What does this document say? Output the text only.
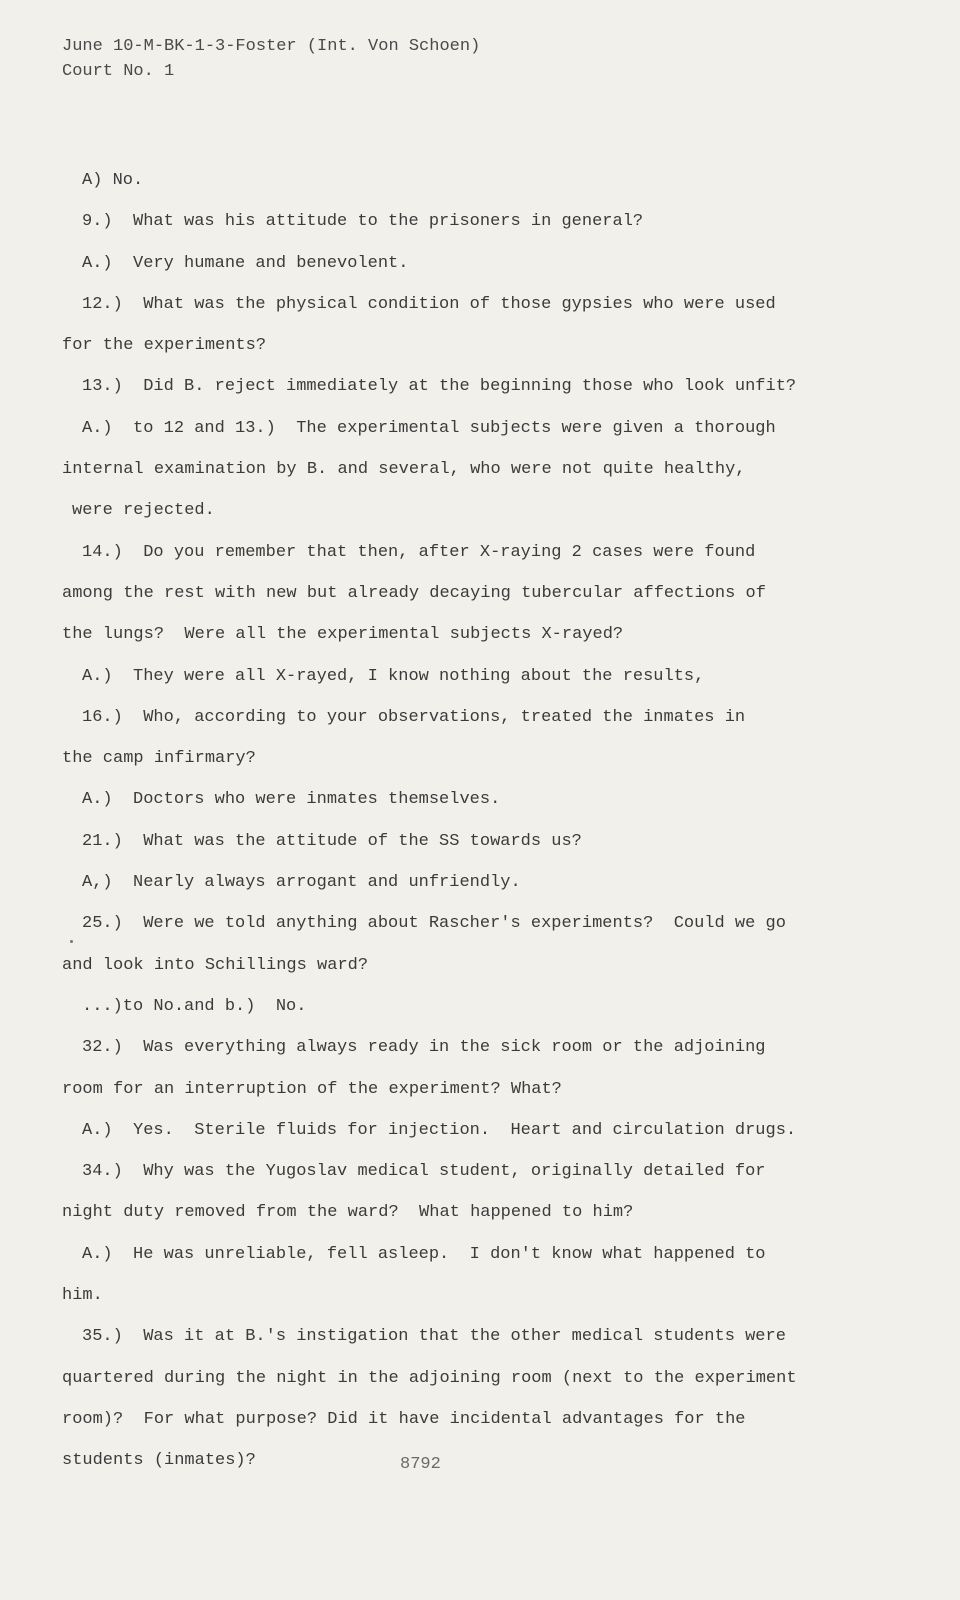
June 10-M-BK-1-3-Foster (Int. Von Schoen)
Court No. 1
A) No.
9.)  What was his attitude to the prisoners in general?
A.)  Very humane and benevolent.
12.)  What was the physical condition of those gypsies who were used
for the experiments?
13.)  Did B. reject immediately at the beginning those who look unfit?
A.)  to 12 and 13.)  The experimental subjects were given a thorough
internal examination by B. and several, who were not quite healthy,
were rejected.
14.)  Do you remember that then, after X-raying 2 cases were found
among the rest with new but already decaying tubercular affections of
the lungs?  Were all the experimental subjects X-rayed?
A.)  They were all X-rayed, I know nothing about the results,
16.)  Who, according to your observations, treated the inmates in
the camp infirmary?
A.)  Doctors who were inmates themselves.
21.)  What was the attitude of the SS towards us?
A,)  Nearly always arrogant and unfriendly.
25.)  Were we told anything about Rascher's experiments?  Could we go
and look into Schillings ward?
...)to No.and b.)  No.
32.)  Was everything always ready in the sick room or the adjoining
room for an interruption of the experiment? What?
A.)  Yes.  Sterile fluids for injection.  Heart and circulation drugs.
34.)  Why was the Yugoslav medical student, originally detailed for
night duty removed from the ward?  What happened to him?
A.)  He was unreliable, fell asleep.  I don't know what happened to
him.
35.)  Was it at B.'s instigation that the other medical students were
quartered during the night in the adjoining room (next to the experiment
room)?  For what purpose? Did it have incidental advantages for the
students (inmates)?	8792
